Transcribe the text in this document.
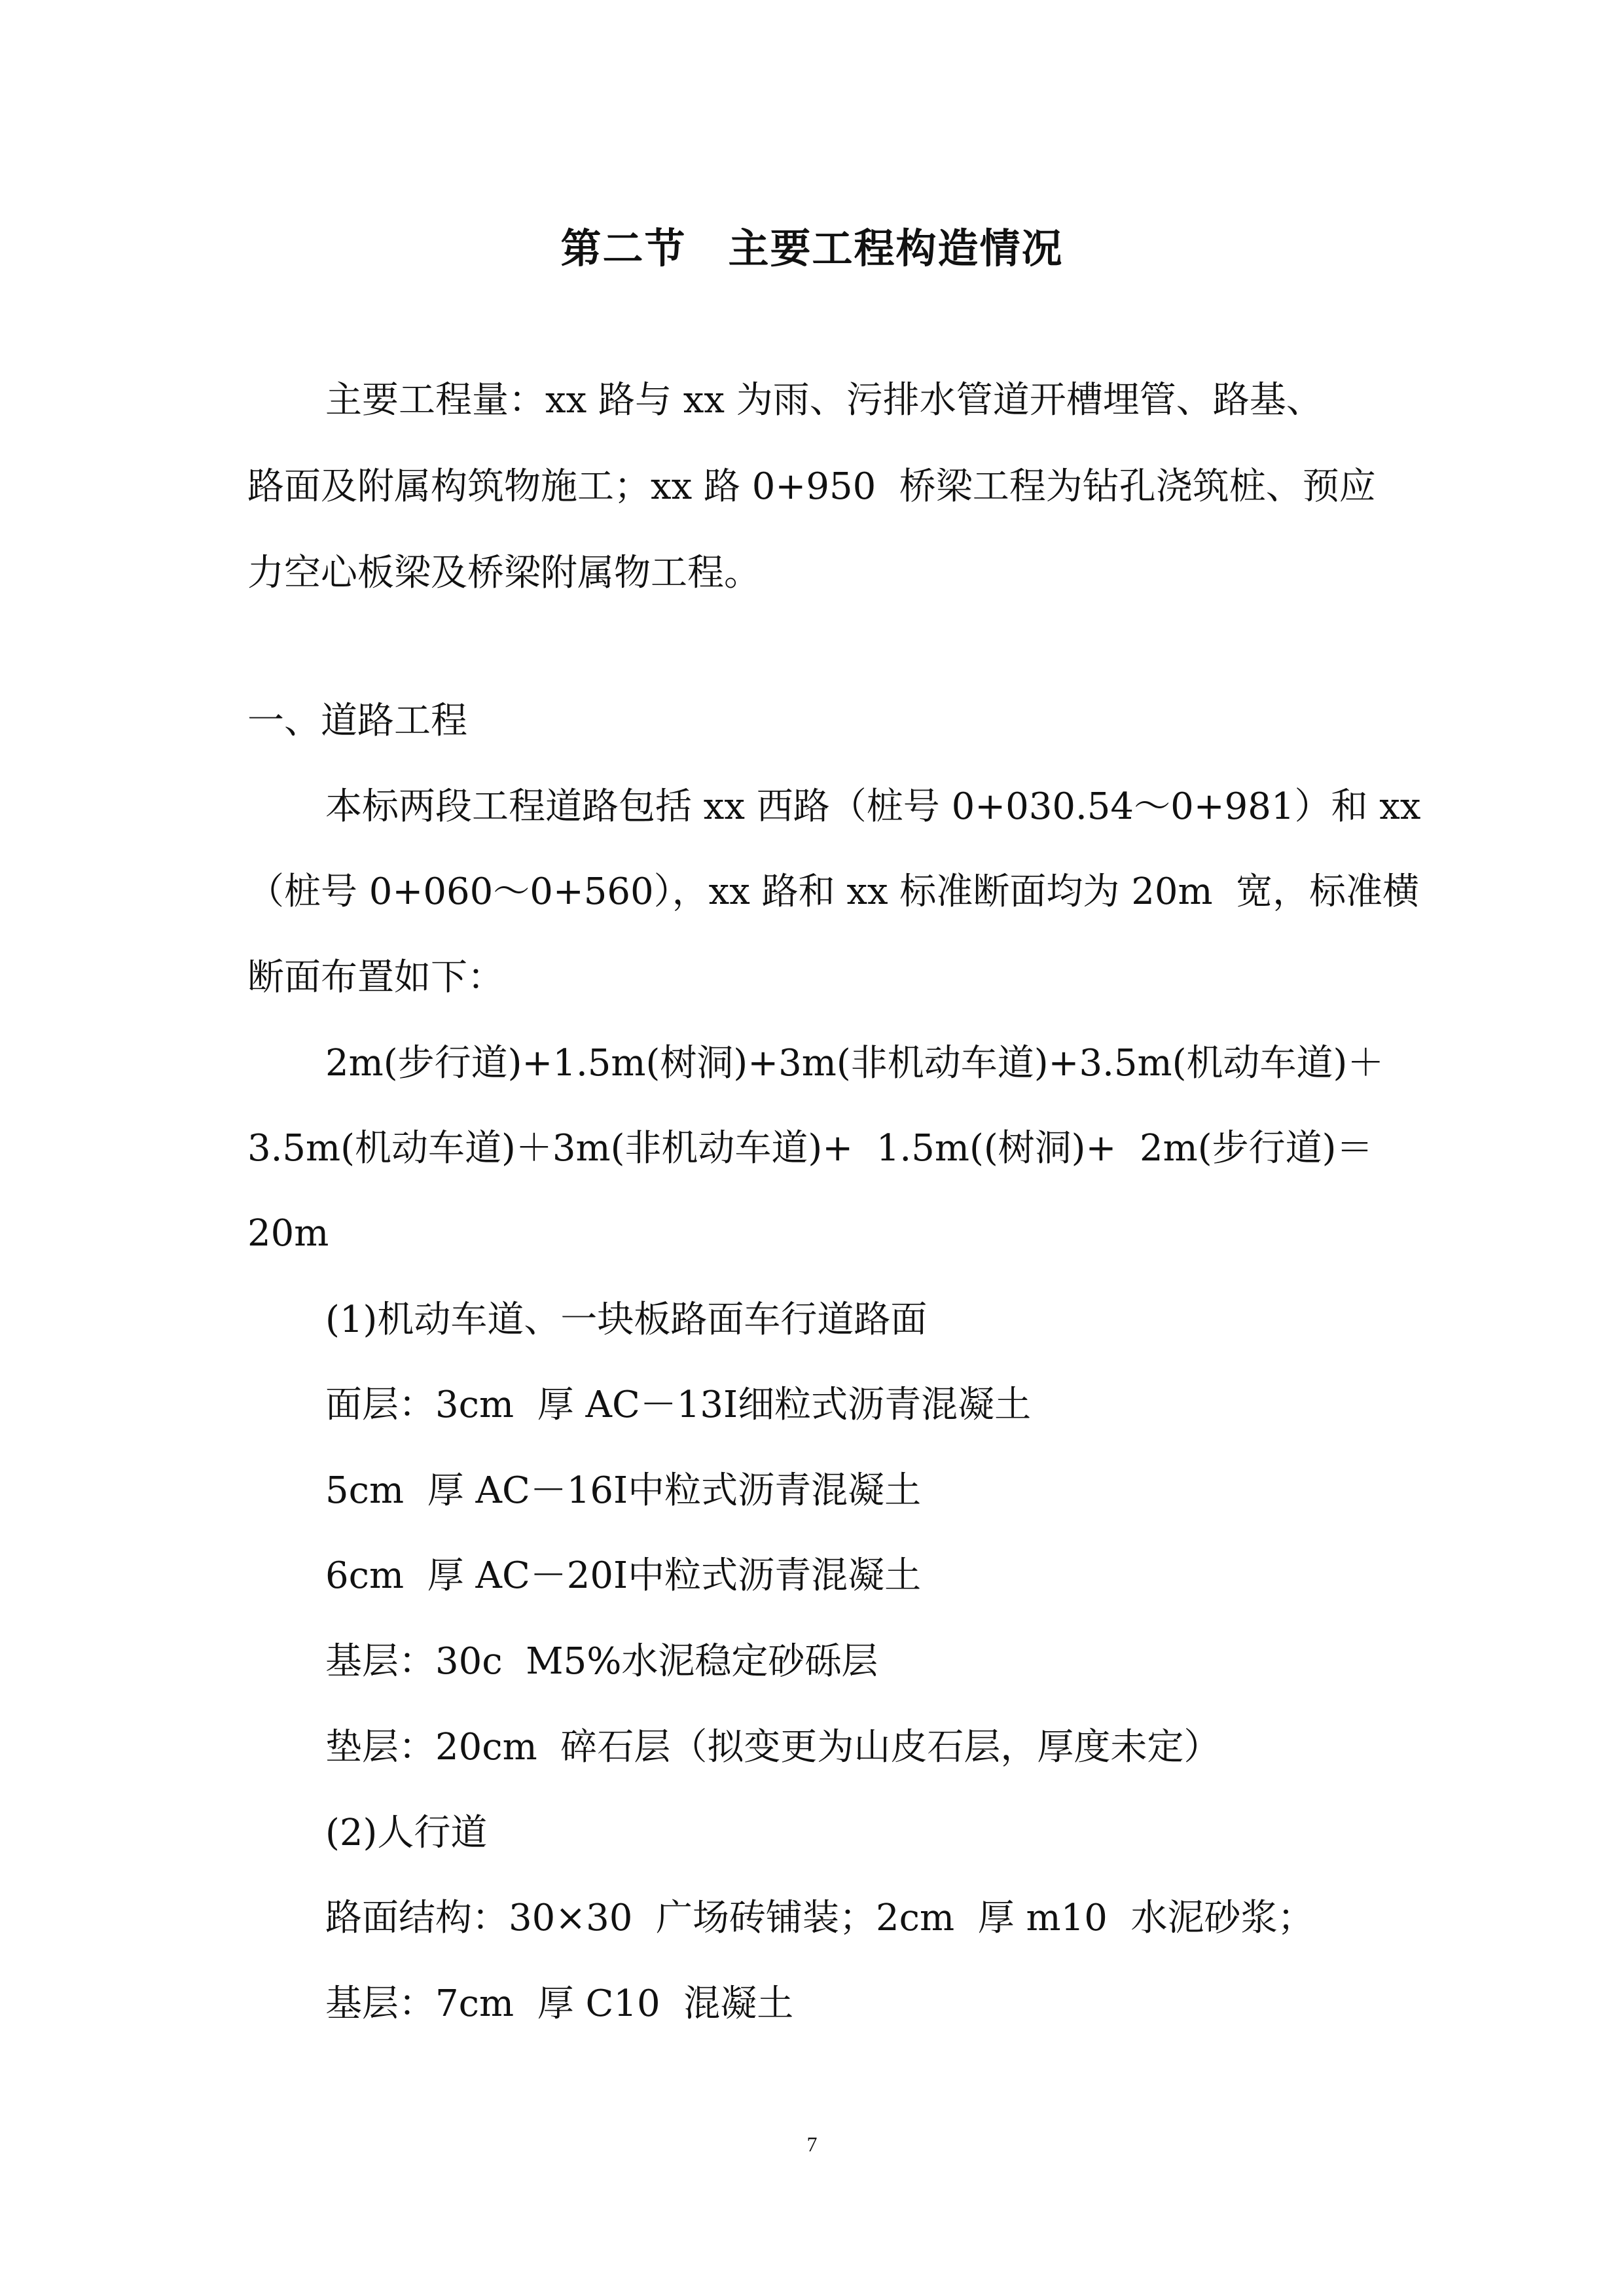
第二节　主要工程构造情况
主要工程量：xx 路与 xx 为雨、污排水管道开槽埋管、路基、
路面及附属构筑物施工；xx 路 0+950  桥梁工程为钻孔浇筑桩、预应
力空心板梁及桥梁附属物工程。
一、道路工程
本标两段工程道路包括 xx 西路（桩号 0+030.54～0+981）和 xx
（桩号 0+060～0+560），xx 路和 xx 标准断面均为 20m  宽，标准横
断面布置如下：
2m(步行道)+1.5m(树洞)+3m(非机动车道)+3.5m(机动车道)＋
3.5m(机动车道)＋3m(非机动车道)+  1.5m((树洞)+  2m(步行道)＝
20m
(1)机动车道、一块板路面车行道路面
面层：3cm  厚 AC－13Ⅰ细粒式沥青混凝土
5cm  厚 AC－16Ⅰ中粒式沥青混凝土
6cm  厚 AC－20Ⅰ中粒式沥青混凝土
基层：30c  M5%水泥稳定砂砾层
垫层：20cm  碎石层（拟变更为山皮石层，厚度未定）
(2)人行道
路面结构：30×30  广场砖铺装；2cm  厚 m10  水泥砂浆；
基层：7cm  厚 C10  混凝土
7
